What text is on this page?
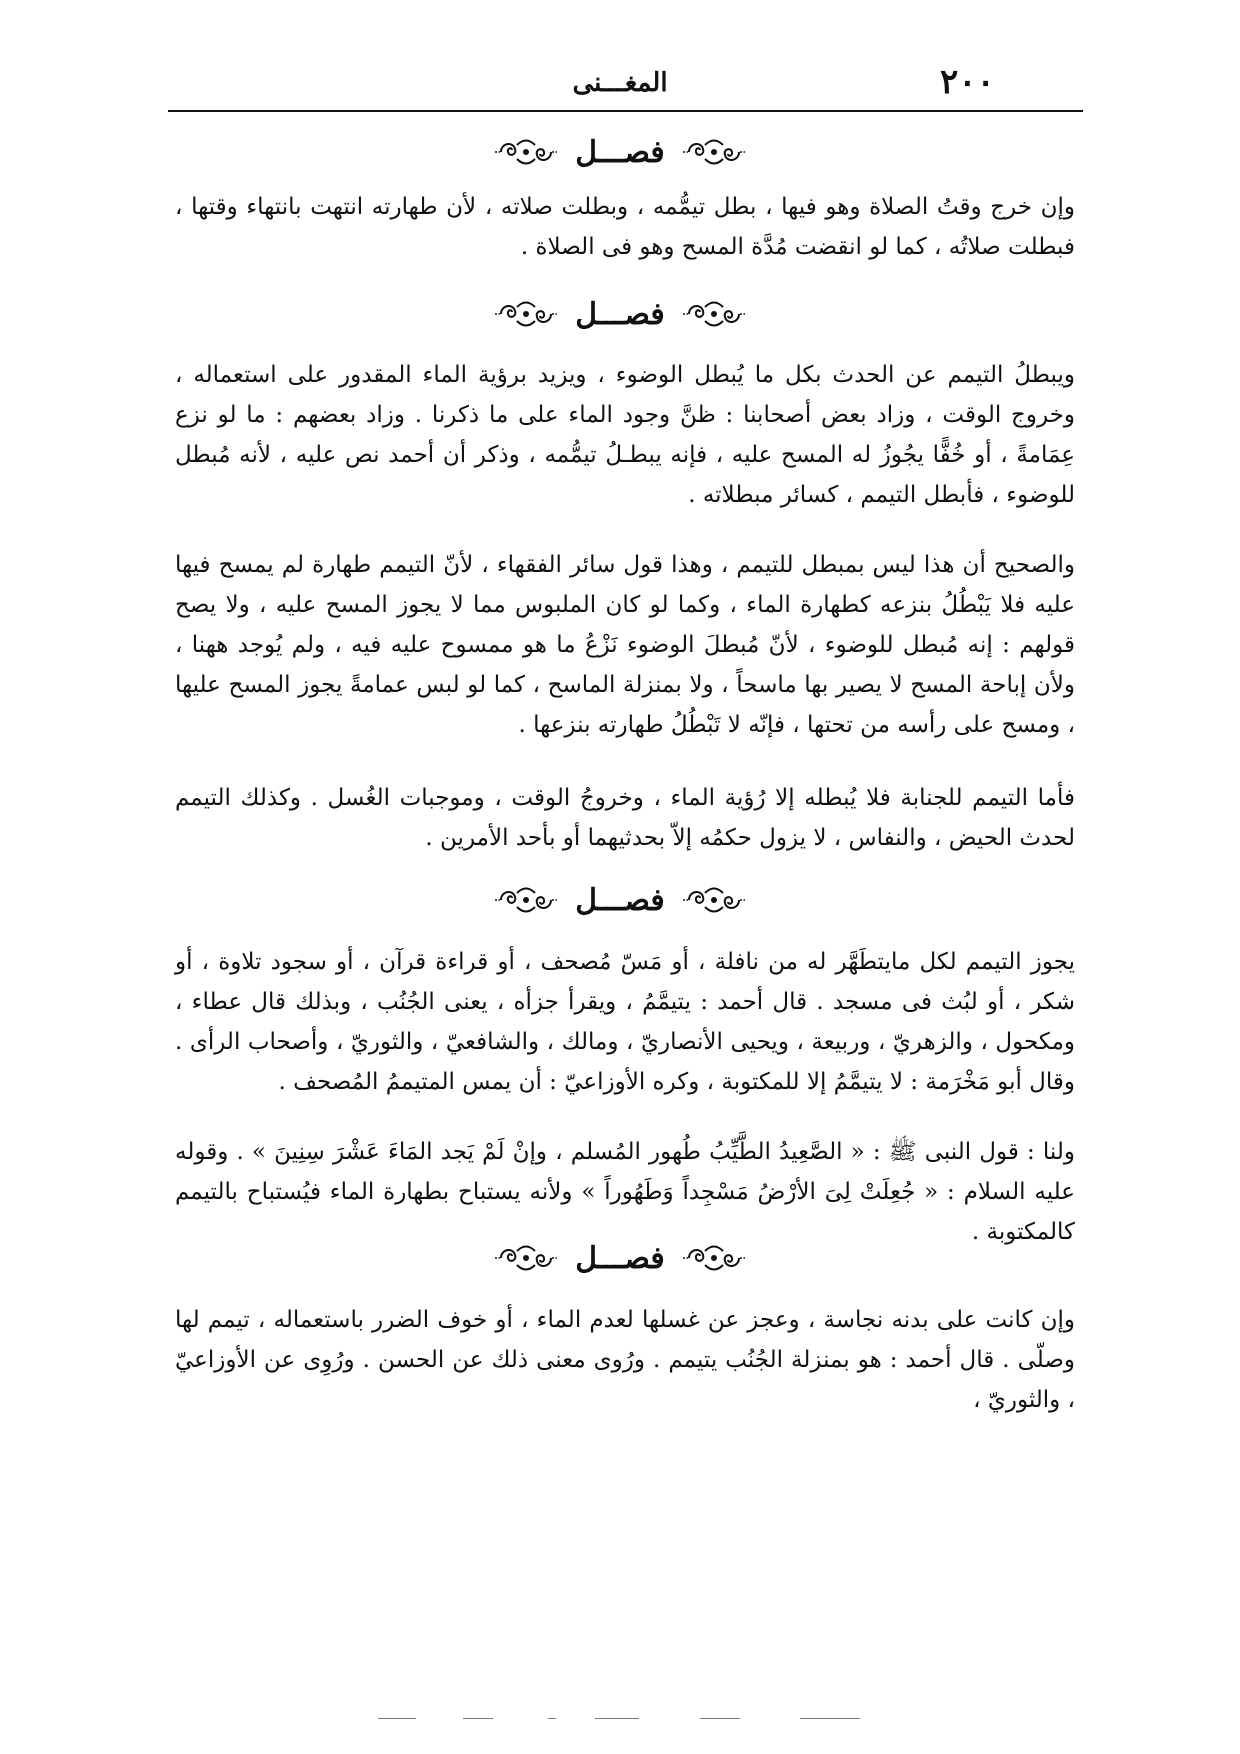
٢٠٠
المغـــنى
فصـــل

وإن خرج وقتُ الصلاة وهو فيها ، بطل تيمُّمه ، وبطلت صلاته ، لأن طهارته انتهت بانتهاء وقتها ، فبطلت صلاتُه ، كما لو انقضت مُدَّة المسح وهو فى الصلاة .

فصـــل

ويبطلُ التيمم عن الحدث بكل ما يُبطل الوضوء ، ويزيد برؤية الماء المقدور على استعماله ، وخروج الوقت ، وزاد بعض أصحابنا : ظنَّ وجود الماء على ما ذكرنا . وزاد بعضهم : ما لو نزع عِمَامةً ، أو خُفًّا يجُوزُ له المسح عليه ، فإنه يبطـلُ تيمُّمه ، وذكر أن أحمد نص عليه ، لأنه مُبطل للوضوء ، فأبطل التيمم ، كسائر مبطلاته .

والصحيح أن هذا ليس بمبطل للتيمم ، وهذا قول سائر الفقهاء ، لأنّ التيمم طهارة لم يمسح فيها عليه فلا يَبْطُلُ بنزعه كطهارة الماء ، وكما لو كان الملبوس مما لا يجوز المسح عليه ، ولا يصح قولهم : إنه مُبطل للوضوء ، لأنّ مُبطلَ الوضوء نَزْعُ ما هو ممسوح عليه فيه ، ولم يُوجد ههنا ، ولأن إباحة المسح لا يصير بها ماسحاً ، ولا بمنزلة الماسح ، كما لو لبس عمامةً يجوز المسح عليها ، ومسح على رأسه من تحتها ، فإنّه لا تَبْطُلُ طهارته بنزعها .

فأما التيمم للجنابة فلا يُبطله إلا رُؤية الماء ، وخروجُ الوقت ، وموجبات الغُسل . وكذلك التيمم لحدث الحيض ، والنفاس ، لا يزول حكمُه إلاّ بحدثيهما أو بأحد الأمرين .

فصـــل

يجوز التيمم لكل مايتطَهَّر له من نافلة ، أو مَسّ مُصحف ، أو قراءة قرآن ، أو سجود تلاوة ، أو شكر ، أو لبُث فى مسجد . قال أحمد : يتيمَّمُ ، ويقرأ جزأه ، يعنى الجُنُب ، وبذلك قال عطاء ، ومكحول ، والزهريّ ، وربيعة ، ويحيى الأنصاريّ ، ومالك ، والشافعيّ ، والثوريّ ، وأصحاب الرأى . وقال أبو مَخْرَمة : لا يتيمَّمُ إلا للمكتوبة ، وكره الأوزاعيّ : أن يمس المتيممُ المُصحف .

ولنا : قول النبى ﷺ : « الصَّعِيدُ الطَّيِّبُ طُهور المُسلم ، وإنْ لَمْ يَجد المَاءَ عَشْرَ سِنِينَ » . وقوله عليه السلام : « جُعِلَتْ لِىَ الأرْضُ مَسْجِداً وَطَهُوراً » ولأنه يستباح بطهارة الماء فيُستباح بالتيمم كالمكتوبة .

فصـــل

وإن كانت على بدنه نجاسة ، وعجز عن غسلها لعدم الماء ، أو خوف الضرر باستعماله ، تيمم لها وصلّى . قال أحمد : هو بمنزلة الجُنُب يتيمم . ورُوى معنى ذلك عن الحسن . ورُوِى عن الأوزاعيّ ، والثوريّ ،
